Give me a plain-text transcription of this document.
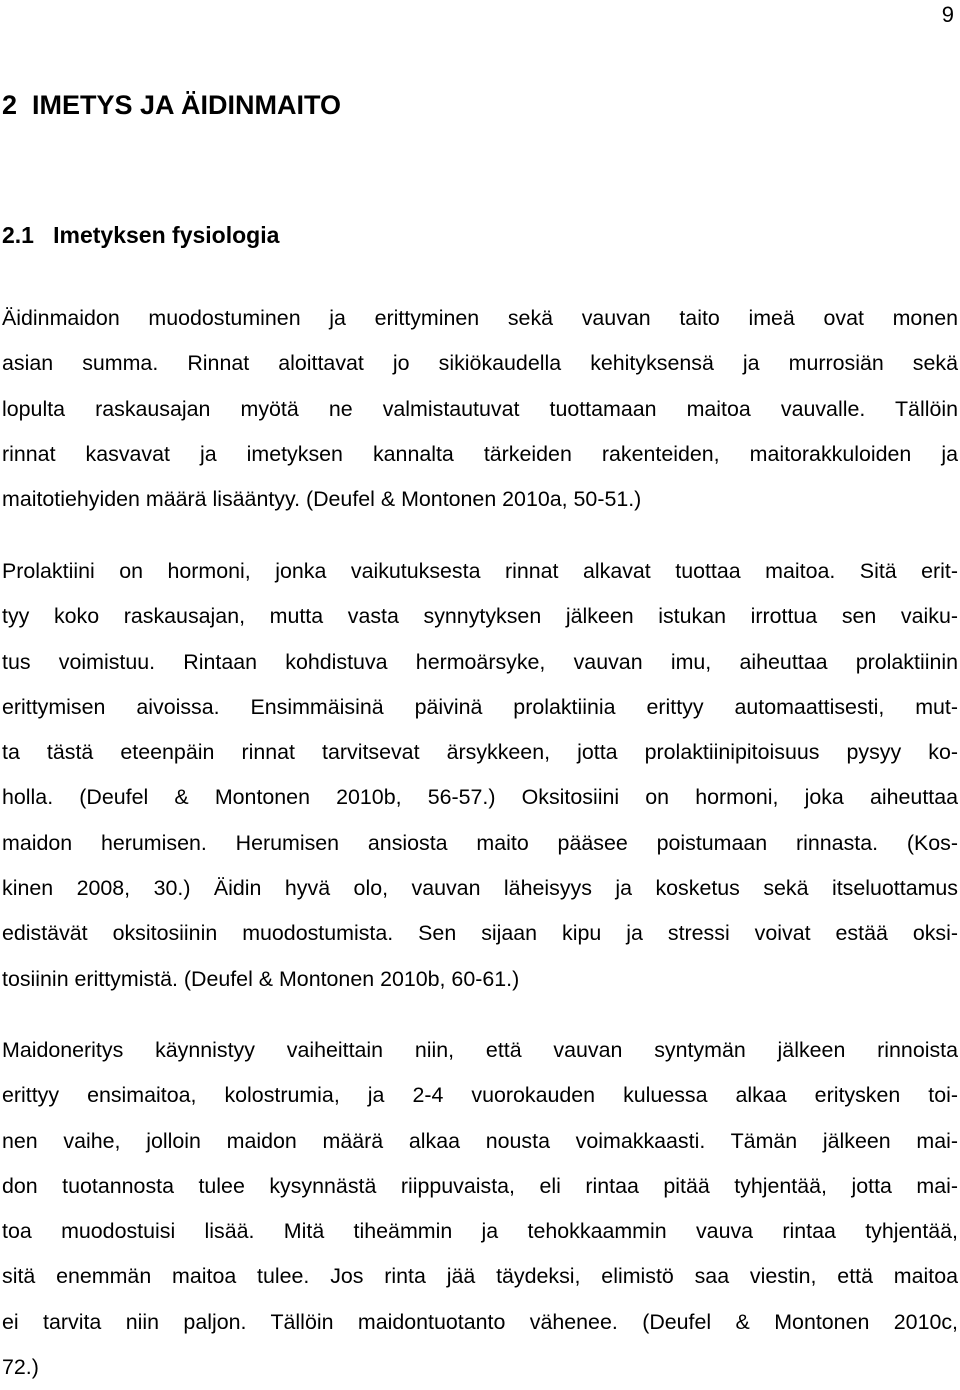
9
2  IMETYS JA ÄIDINMAITO
2.1   Imetyksen fysiologia

Äidinmaidon muodostuminen ja erittyminen sekä vauvan taito imeä ovat monen
asian summa. Rinnat aloittavat jo sikiökaudella kehityksensä ja murrosiän sekä
lopulta raskausajan myötä ne valmistautuvat tuottamaan maitoa vauvalle. Tällöin
rinnat kasvavat ja imetyksen kannalta tärkeiden rakenteiden, maitorakkuloiden ja
maitotiehyiden määrä lisääntyy. (Deufel & Montonen 2010a, 50-51.)

Prolaktiini on hormoni, jonka vaikutuksesta rinnat alkavat tuottaa maitoa. Sitä erit-
tyy koko raskausajan, mutta vasta synnytyksen jälkeen istukan irrottua sen vaiku-
tus voimistuu. Rintaan kohdistuva hermoärsyke, vauvan imu, aiheuttaa prolaktiinin
erittymisen aivoissa. Ensimmäisinä päivinä prolaktiinia erittyy automaattisesti, mut-
ta tästä eteenpäin rinnat tarvitsevat ärsykkeen, jotta prolaktiinipitoisuus pysyy ko-
holla. (Deufel & Montonen 2010b, 56-57.) Oksitosiini on hormoni, joka aiheuttaa
maidon herumisen. Herumisen ansiosta maito pääsee poistumaan rinnasta. (Kos-
kinen 2008, 30.) Äidin hyvä olo, vauvan läheisyys ja kosketus sekä itseluottamus
edistävät oksitosiinin muodostumista. Sen sijaan kipu ja stressi voivat estää oksi-
tosiinin erittymistä. (Deufel & Montonen 2010b, 60-61.)

Maidoneritys käynnistyy vaiheittain niin, että vauvan syntymän jälkeen rinnoista
erittyy ensimaitoa, kolostrumia, ja 2-4 vuorokauden kuluessa alkaa eritysken toi-
nen vaihe, jolloin maidon määrä alkaa nousta voimakkaasti. Tämän jälkeen mai-
don tuotannosta tulee kysynnästä riippuvaista, eli rintaa pitää tyhjentää, jotta mai-
toa muodostuisi lisää. Mitä tiheämmin ja tehokkaammin vauva rintaa tyhjentää,
sitä enemmän maitoa tulee. Jos rinta jää täydeksi, elimistö saa viestin, että maitoa
ei tarvita niin paljon. Tällöin maidontuotanto vähenee. (Deufel & Montonen 2010c,
72.)
